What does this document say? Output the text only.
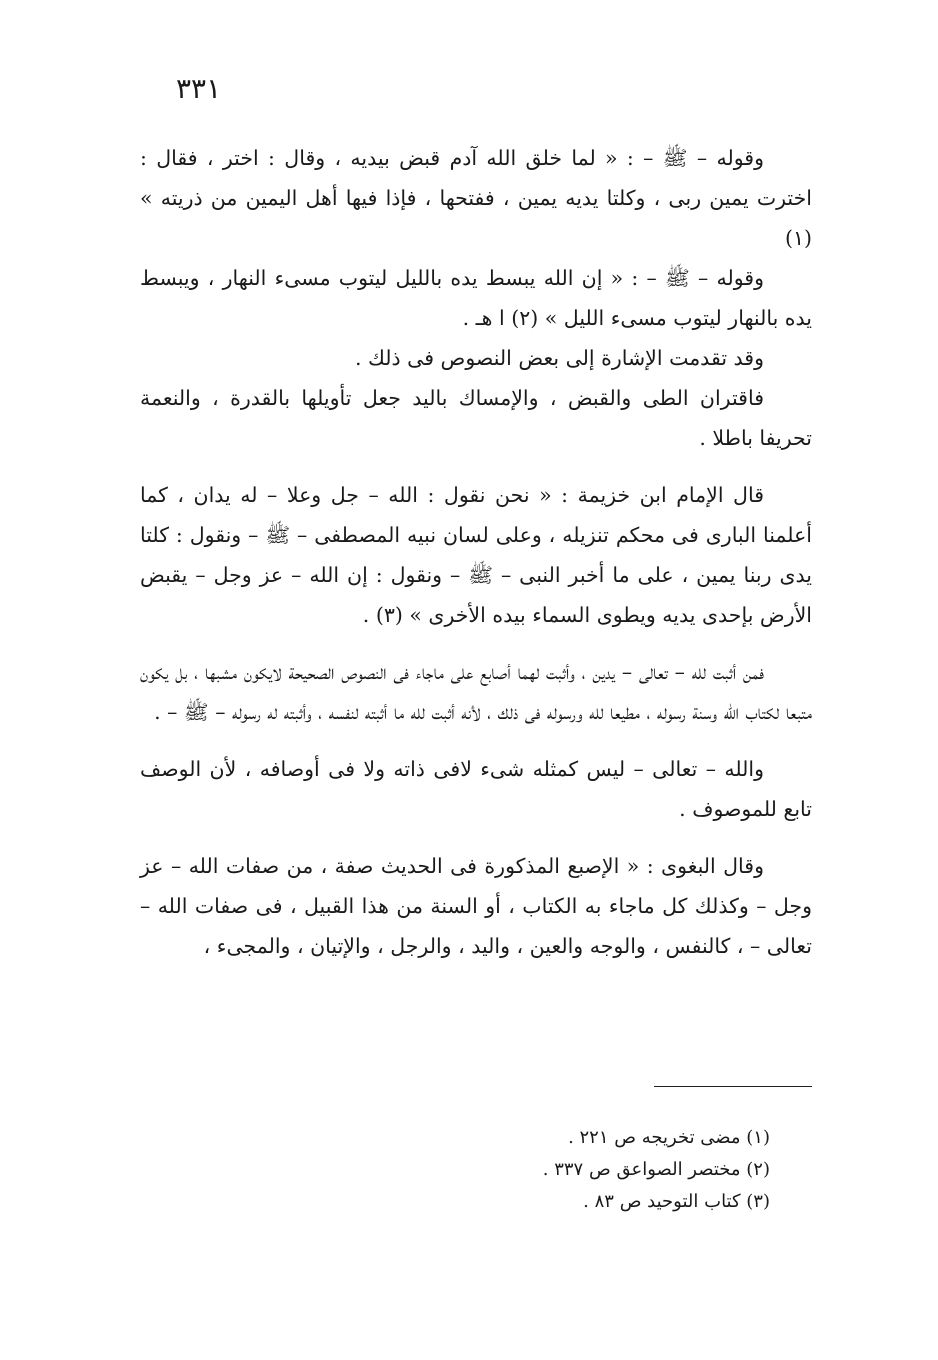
٣٣١

وقوله – ﷺ – : « لما خلق الله آدم قبض بيديه ، وقال : اختر ، فقال : اخترت يمين ربى ، وكلتا يديه يمين ، ففتحها ، فإذا فيها أهل اليمين من ذريته » (١)

وقوله – ﷺ – : « إن الله يبسط يده بالليل ليتوب مسىء النهار ، ويبسط يده بالنهار ليتوب مسىء الليل » (٢) ا هـ .

وقد تقدمت الإشارة إلى بعض النصوص فى ذلك .

فاقتران الطى والقبض ، والإمساك باليد جعل تأويلها بالقدرة ، والنعمة تحريفا باطلا .

قال الإمام ابن خزيمة : « نحن نقول : الله – جل وعلا – له يدان ، كما أعلمنا البارى فى محكم تنزيله ، وعلى لسان نبيه المصطفى – ﷺ – ونقول : كلتا يدى ربنا يمين ، على ما أخبر النبى – ﷺ – ونقول : إن الله – عز وجل – يقبض الأرض بإحدى يديه ويطوى السماء بيده الأخرى » (٣) .

فمن أثبت لله – تعالى – يدين ، وأثبت لهما أصابع على ماجاء فى النصوص الصحيحة لايكون مشبها ، بل يكون متبعا لكتاب الله وسنة رسوله ، مطيعا لله ورسوله فى ذلك ، لأنه أثبت لله ما أثبته لنفسه ، وأثبته له رسوله – ﷺ – .

والله – تعالى – ليس كمثله شىء لافى ذاته ولا فى أوصافه ، لأن الوصف تابع للموصوف .

وقال البغوى : « الإصبع المذكورة فى الحديث صفة ، من صفات الله – عز وجل – وكذلك كل ماجاء به الكتاب ، أو السنة من هذا القبيل ، فى صفات الله – تعالى – ، كالنفس ، والوجه والعين ، واليد ، والرجل ، والإتيان ، والمجىء ،

(١) مضى تخريجه ص ٢٢١ .
(٢) مختصر الصواعق ص ٣٣٧ .
(٣) كتاب التوحيد ص ٨٣ .
